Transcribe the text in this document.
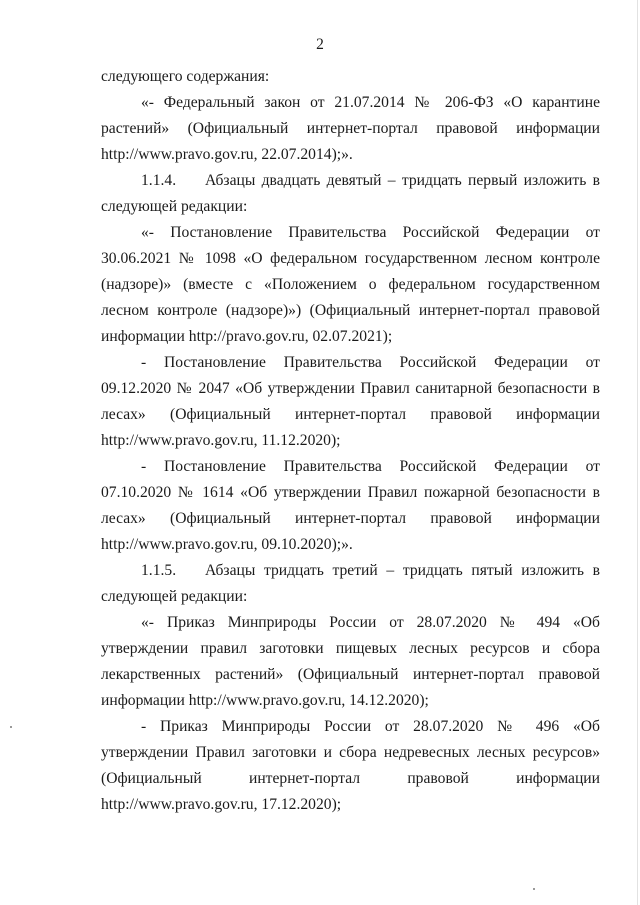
2

следующего содержания:

«- Федеральный закон от 21.07.2014 № 206-ФЗ «О карантине растений» (Официальный интернет-портал правовой информации http://www.pravo.gov.ru, 22.07.2014);».

1.1.4. Абзацы двадцать девятый – тридцать первый изложить в следующей редакции:

«- Постановление Правительства Российской Федерации от 30.06.2021 № 1098 «О федеральном государственном лесном контроле (надзоре)» (вместе с «Положением о федеральном государственном лесном контроле (надзоре)») (Официальный интернет-портал правовой информации http://pravo.gov.ru, 02.07.2021);

- Постановление Правительства Российской Федерации от 09.12.2020 № 2047 «Об утверждении Правил санитарной безопасности в лесах» (Официальный интернет-портал правовой информации http://www.pravo.gov.ru, 11.12.2020);

- Постановление Правительства Российской Федерации от 07.10.2020 № 1614 «Об утверждении Правил пожарной безопасности в лесах» (Официальный интернет-портал правовой информации http://www.pravo.gov.ru, 09.10.2020);».

1.1.5. Абзацы тридцать третий – тридцать пятый изложить в следующей редакции:

«- Приказ Минприроды России от 28.07.2020 № 494 «Об утверждении правил заготовки пищевых лесных ресурсов и сбора лекарственных растений» (Официальный интернет-портал правовой информации http://www.pravo.gov.ru, 14.12.2020);

- Приказ Минприроды России от 28.07.2020 № 496 «Об утверждении Правил заготовки и сбора недревесных лесных ресурсов» (Официальный интернет-портал правовой информации http://www.pravo.gov.ru, 17.12.2020);
